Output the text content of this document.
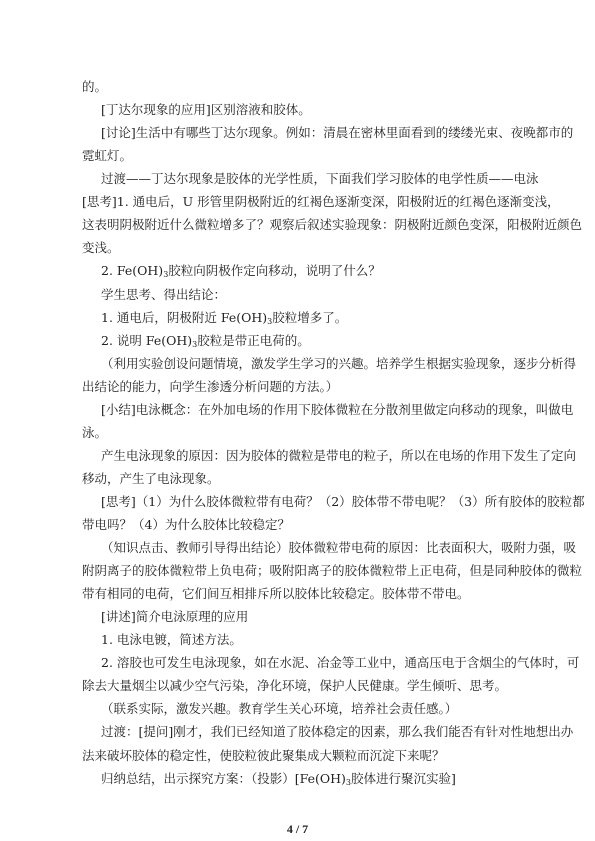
的。
[丁达尔现象的应用]区别溶液和胶体。
[讨论]生活中有哪些丁达尔现象。例如：清晨在密林里面看到的缕缕光束、夜晚都市的
霓虹灯。
过渡——丁达尔现象是胶体的光学性质，下面我们学习胶体的电学性质——电泳
[思考]1. 通电后，U 形管里阴极附近的红褐色逐渐变深，阳极附近的红褐色逐渐变浅，
这表明阴极附近什么微粒增多了？观察后叙述实验现象：阴极附近颜色变深，阳极附近颜色
变浅。
2. $Fe(OH)_3$胶粒向阴极作定向移动，说明了什么？
学生思考、得出结论：
1. 通电后，阴极附近 $Fe(OH)_3$胶粒增多了。
2. 说明 $Fe(OH)_3$胶粒是带正电荷的。
（利用实验创设问题情境，激发学生学习的兴趣。培养学生根据实验现象，逐步分析得
出结论的能力，向学生渗透分析问题的方法。）
[小结]电泳概念：在外加电场的作用下胶体微粒在分散剂里做定向移动的现象，叫做电
泳。
产生电泳现象的原因：因为胶体的微粒是带电的粒子，所以在电场的作用下发生了定向
移动，产生了电泳现象。
[思考]（1）为什么胶体微粒带有电荷？（2）胶体带不带电呢？（3）所有胶体的胶粒都
带电吗？（4）为什么胶体比较稳定？
（知识点击、教师引导得出结论）胶体微粒带电荷的原因：比表面积大，吸附力强，吸
附阴离子的胶体微粒带上负电荷；吸附阳离子的胶体微粒带上正电荷，但是同种胶体的微粒
带有相同的电荷，它们间互相排斥所以胶体比较稳定。胶体带不带电。
[讲述]简介电泳原理的应用
1. 电泳电镀，简述方法。
2. 溶胶也可发生电泳现象，如在水泥、冶金等工业中，通高压电于含烟尘的气体时，可
除去大量烟尘以减少空气污染，净化环境，保护人民健康。学生倾听、思考。
（联系实际，激发兴趣。教育学生关心环境，培养社会责任感。）
过渡：[提问]刚才，我们已经知道了胶体稳定的因素，那么我们能否有针对性地想出办
法来破坏胶体的稳定性，使胶粒彼此聚集成大颗粒而沉淀下来呢？
4 / 7
归纳总结，出示探究方案：（投影）[$Fe(OH)_3$胶体进行聚沉实验]
